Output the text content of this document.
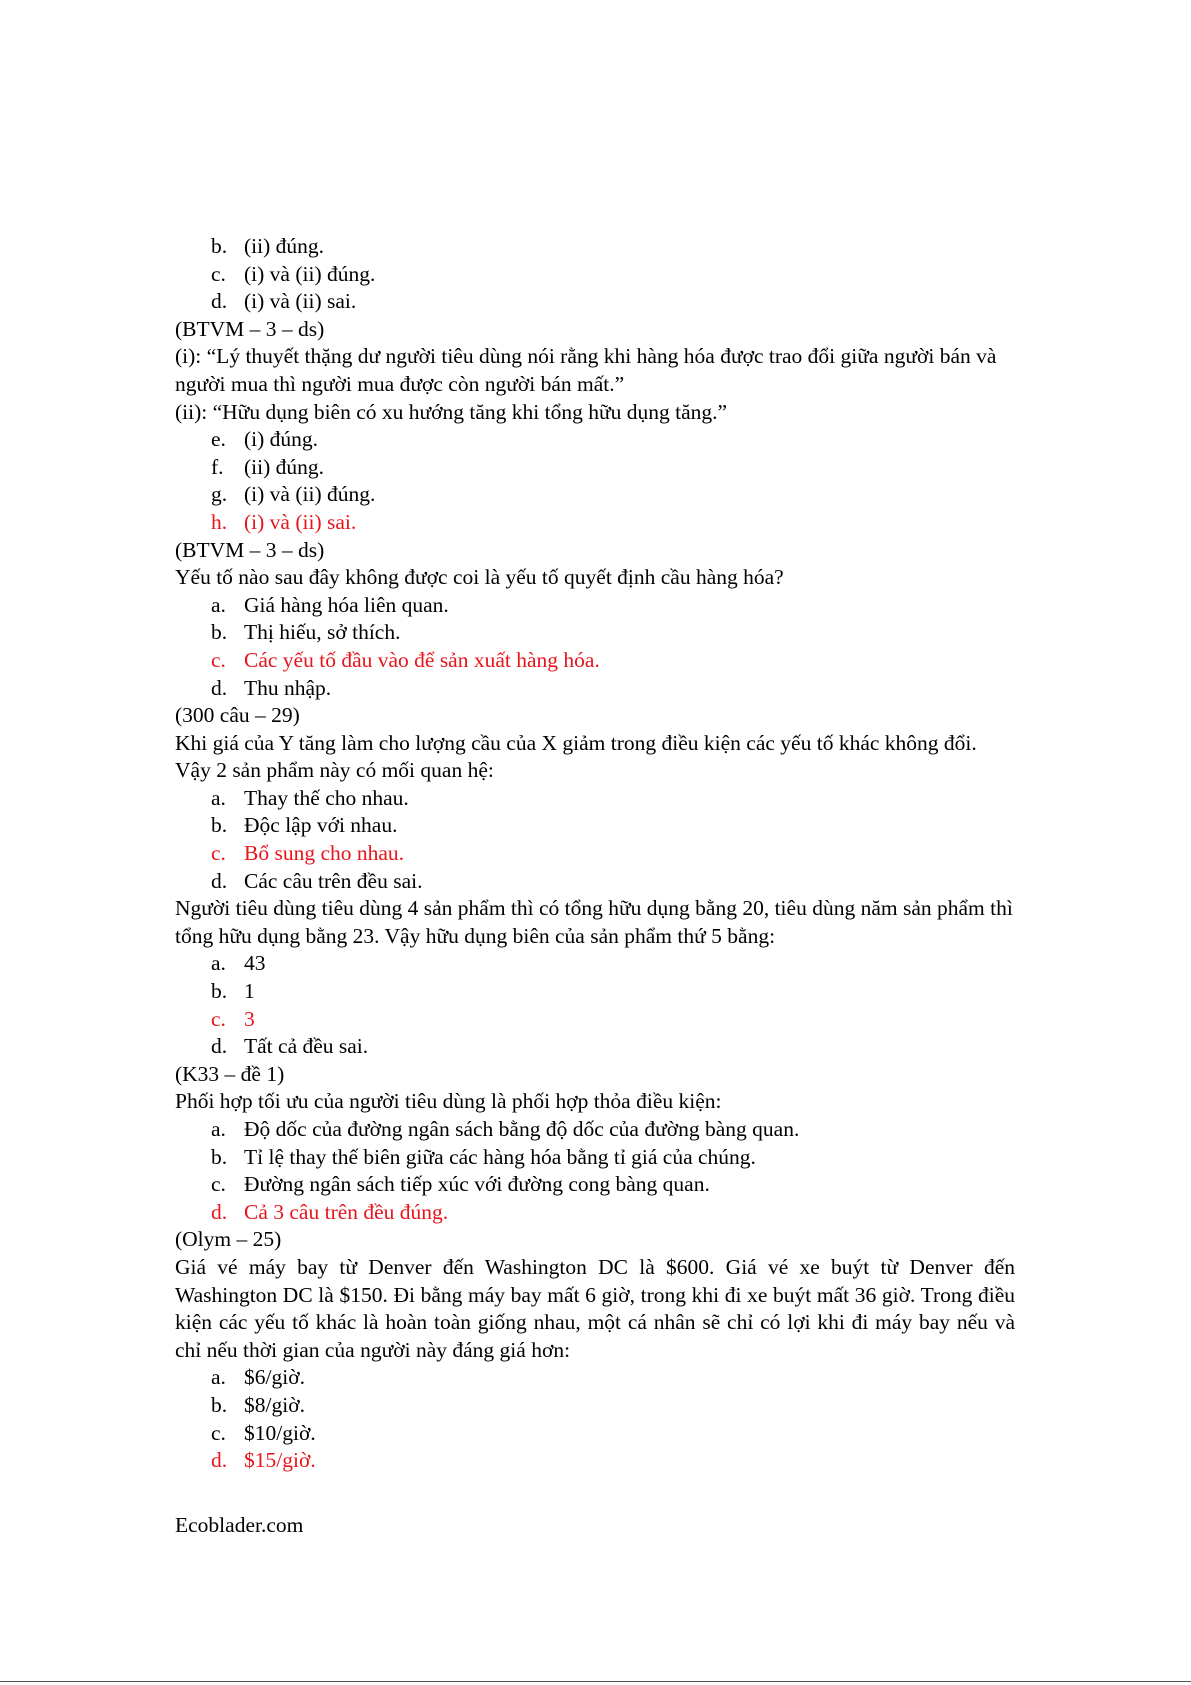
b. (ii) đúng.
c. (i) và (ii) đúng.
d. (i) và (ii) sai.

(BTVM – 3 – ds)

(i): “Lý thuyết thặng dư người tiêu dùng nói rằng khi hàng hóa được trao đổi giữa người bán và người mua thì người mua được còn người bán mất.”

(ii): “Hữu dụng biên có xu hướng tăng khi tổng hữu dụng tăng.”

e. (i) đúng.
f. (ii) đúng.
g. (i) và (ii) đúng.
h. (i) và (ii) sai.

(BTVM – 3 – ds)

Yếu tố nào sau đây không được coi là yếu tố quyết định cầu hàng hóa?

a. Giá hàng hóa liên quan.
b. Thị hiếu, sở thích.
c. Các yếu tố đầu vào để sản xuất hàng hóa.
d. Thu nhập.

(300 câu – 29)

Khi giá của Y tăng làm cho lượng cầu của X giảm trong điều kiện các yếu tố khác không đổi. Vậy 2 sản phẩm này có mối quan hệ:

a. Thay thế cho nhau.
b. Độc lập với nhau.
c. Bổ sung cho nhau.
d. Các câu trên đều sai.

Người tiêu dùng tiêu dùng 4 sản phẩm thì có tổng hữu dụng bằng 20, tiêu dùng năm sản phẩm thì tổng hữu dụng bằng 23. Vậy hữu dụng biên của sản phẩm thứ 5 bằng:

a. 43
b. 1
c. 3
d. Tất cả đều sai.

(K33 – đề 1)

Phối hợp tối ưu của người tiêu dùng là phối hợp thỏa điều kiện:

a. Độ dốc của đường ngân sách bằng độ dốc của đường bàng quan.
b. Tỉ lệ thay thế biên giữa các hàng hóa bằng tỉ giá của chúng.
c. Đường ngân sách tiếp xúc với đường cong bàng quan.
d. Cả 3 câu trên đều đúng.

(Olym – 25)

Giá vé máy bay từ Denver đến Washington DC là $600. Giá vé xe buýt từ Denver đến Washington DC là $150. Đi bằng máy bay mất 6 giờ, trong khi đi xe buýt mất 36 giờ. Trong điều kiện các yếu tố khác là hoàn toàn giống nhau, một cá nhân sẽ chỉ có lợi khi đi máy bay nếu và chỉ nếu thời gian của người này đáng giá hơn:

a. $6/giờ.
b. $8/giờ.
c. $10/giờ.
d. $15/giờ.
Ecoblader.com
